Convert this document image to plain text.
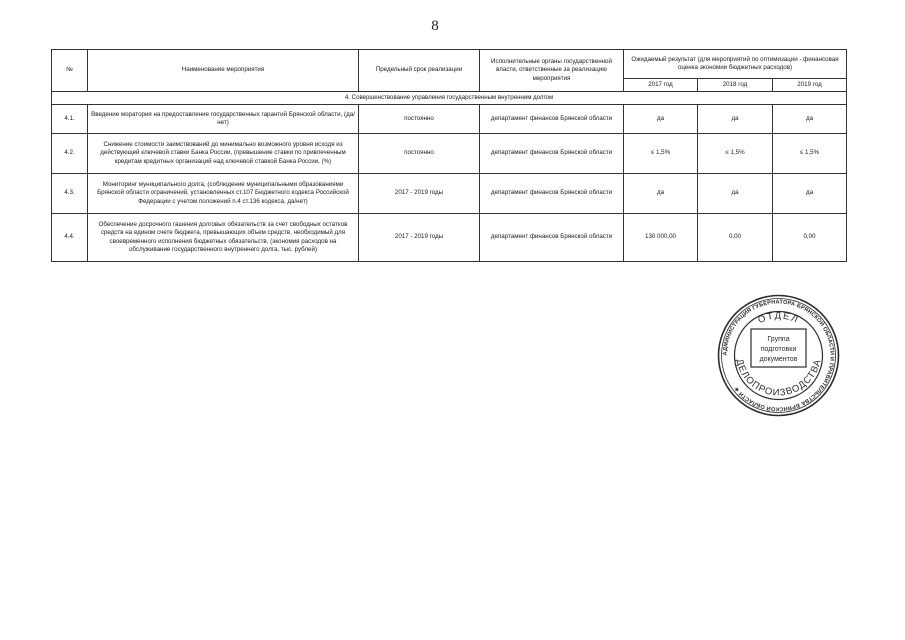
8
№	Наименование мероприятия	Предельный срок реализации	Исполнительные органы государственной власти, ответственные за реализацию мероприятия	Ожидаемый результат (для мероприятий по оптимизации - финансовая оценка экономии бюджетных расходов)		
				2017 год	2018 год	2019 год
4. Совершенствование управления государственным внутренним долгом						
4.1.	Введение моратория на предоставление государственных гарантий Брянской области, (да/нет)	постоянно	департамент финансов Брянской области	да	да	да
4.2.	Снижение стоимости заимствований до минимально возможного уровня исходя из действующей ключевой ставки Банка России, (превышение ставки по привлеченным кредитам кредитных организаций над ключевой ставкой Банка России, (%)	постоянно	департамент финансов Брянской области	≤ 1,5%	≤ 1,5%	≤ 1,5%
4.3.	Мониторинг муниципального долга, (соблюдение муниципальными образованиями Брянской области ограничений, установленных ст.107 Бюджетного кодекса Российской Федерации с учетом положений п.4 ст.136 кодекса, да/нет)	2017 - 2019 годы	департамент финансов Брянской области	да	да	да
4.4.	Обеспечение досрочного гашения долговых обязательств за счет свободных остатков средств на едином счете бюджета, превышающих объем средств, необходимый для своевременного исполнения бюджетных обязательств, (экономия расходов на обслуживание государственного внутреннего долга, тыс. рублей)	2017 - 2019 годы	департамент финансов Брянской области	130 000,00	0,00	0,00
АДМИНИСТРАЦИЯ ГУБЕРНАТОРА БРЯНСКОЙ ОБЛАСТИ И ПРАВИТЕЛЬСТВА БРЯНСКОЙ ОБЛАСТИ ★
ОТДЕЛ
ДЕЛОПРОИЗВОДСТВА
Группа
подготовки
документов
